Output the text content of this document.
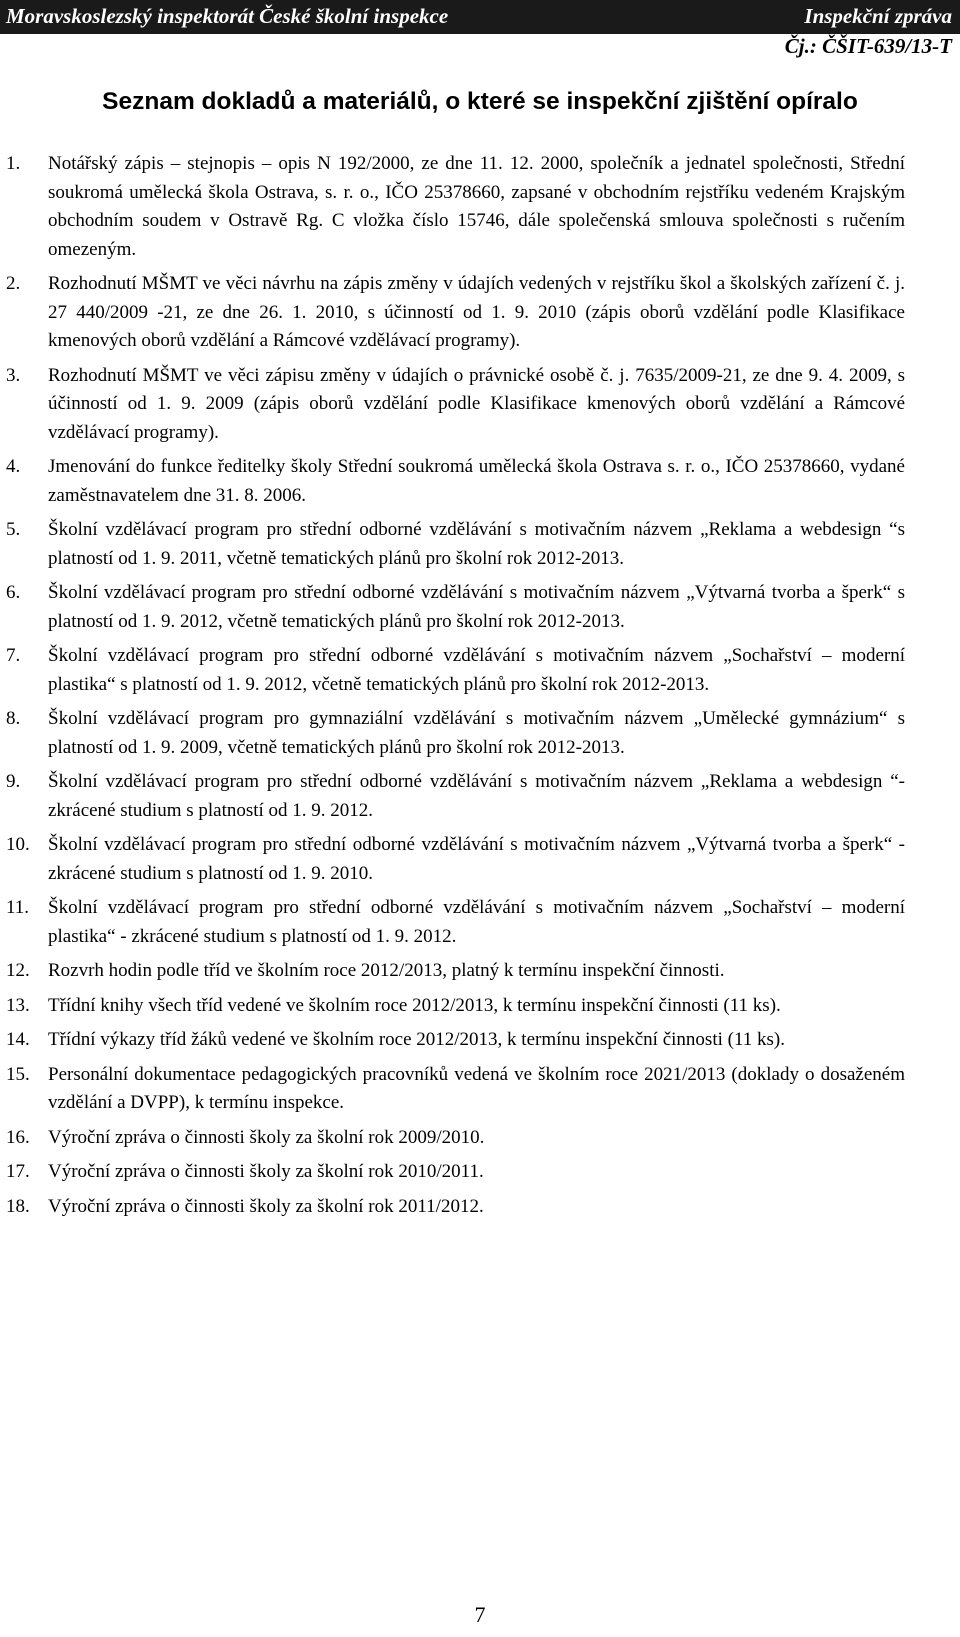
Moravskoslezský inspektorát České školní inspekce	Inspekční zpráva
Čj.: ČŠIT-639/13-T
Seznam dokladů a materiálů, o které se inspekční zjištění opíralo
1. Notářský zápis – stejnopis – opis N 192/2000, ze dne 11. 12. 2000, společník a jednatel společnosti, Střední soukromá umělecká škola Ostrava, s. r. o., IČO 25378660, zapsané v obchodním rejstříku vedeném Krajským obchodním soudem v Ostravě Rg. C vložka číslo 15746, dále společenská smlouva společnosti s ručením omezeným.
2. Rozhodnutí MŠMT ve věci návrhu na zápis změny v údajích vedených v rejstříku škol a školských zařízení č. j. 27 440/2009 -21, ze dne 26. 1. 2010, s účinností od 1. 9. 2010 (zápis oborů vzdělání podle Klasifikace kmenových oborů vzdělání a Rámcové vzdělávací programy).
3. Rozhodnutí MŠMT ve věci zápisu změny v údajích o právnické osobě č. j. 7635/2009-21, ze dne 9. 4. 2009, s účinností od 1. 9. 2009 (zápis oborů vzdělání podle Klasifikace kmenových oborů vzdělání a Rámcové vzdělávací programy).
4. Jmenování do funkce ředitelky školy Střední soukromá umělecká škola Ostrava s. r. o., IČO 25378660, vydané zaměstnavatelem dne 31. 8. 2006.
5. Školní vzdělávací program pro střední odborné vzdělávání s motivačním názvem „Reklama a webdesign “s platností od 1. 9. 2011, včetně tematických plánů pro školní rok 2012-2013.
6. Školní vzdělávací program pro střední odborné vzdělávání s motivačním názvem „Výtvarná tvorba a šperk“ s platností od 1. 9. 2012, včetně tematických plánů pro školní rok 2012-2013.
7. Školní vzdělávací program pro střední odborné vzdělávání s motivačním názvem „Sochařství – moderní plastika“ s platností od 1. 9. 2012, včetně tematických plánů pro školní rok 2012-2013.
8. Školní vzdělávací program pro gymnaziální vzdělávání s motivačním názvem „Umělecké gymnázium“ s platností od 1. 9. 2009, včetně tematických plánů pro školní rok 2012-2013.
9. Školní vzdělávací program pro střední odborné vzdělávání s motivačním názvem „Reklama a webdesign “- zkrácené studium s platností od 1. 9. 2012.
10. Školní vzdělávací program pro střední odborné vzdělávání s motivačním názvem „Výtvarná tvorba a šperk“ - zkrácené studium s platností od 1. 9. 2010.
11. Školní vzdělávací program pro střední odborné vzdělávání s motivačním názvem „Sochařství – moderní plastika“ - zkrácené studium s platností od 1. 9. 2012.
12. Rozvrh hodin podle tříd ve školním roce 2012/2013, platný k termínu inspekční činnosti.
13. Třídní knihy všech tříd vedené ve školním roce 2012/2013, k termínu inspekční činnosti (11 ks).
14. Třídní výkazy tříd žáků vedené ve školním roce 2012/2013, k termínu inspekční činnosti (11 ks).
15. Personální dokumentace pedagogických pracovníků vedená ve školním roce 2021/2013 (doklady o dosaženém vzdělání a DVPP), k termínu inspekce.
16. Výroční zpráva o činnosti školy za školní rok 2009/2010.
17. Výroční zpráva o činnosti školy za školní rok 2010/2011.
18. Výroční zpráva o činnosti školy za školní rok 2011/2012.
7
